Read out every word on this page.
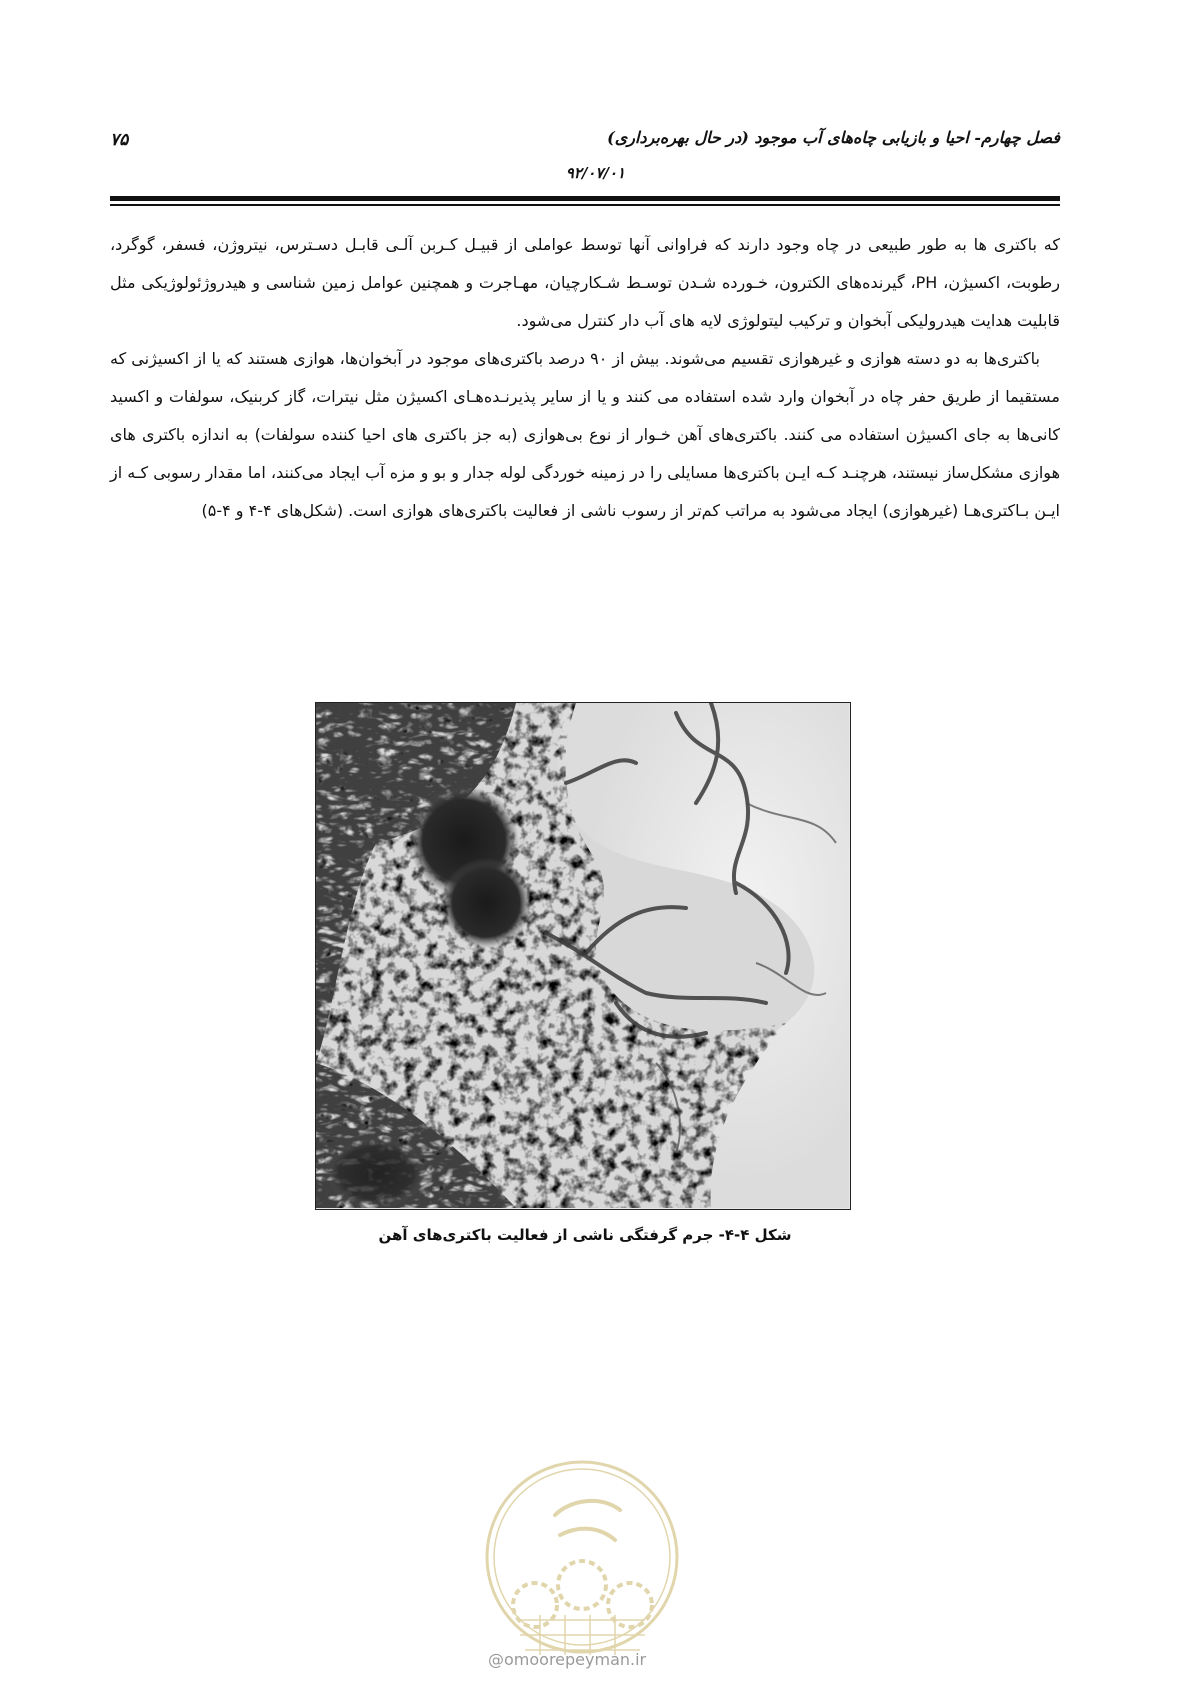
فصل چهارم- احیا و بازیابی چاه‌های آب موجود (در حال بهره‌برداری)
۹۲/۰۷/۰۱
۷۵

که باکتری ها به طور طبیعی در چاه وجود دارند که فراوانی آنها توسط عواملی از قبیـل کـربن آلـی قابـل دسـترس، نیتروژن، فسفر، گوگرد، رطوبت، اکسیژن، PH، گیرنده‌های الکترون، خـورده شـدن توسـط شـکارچیان، مهـاجرت و همچنین عوامل زمین شناسی و هیدروژئولوژیکی مثل قابلیت هدایت هیدرولیکی آبخوان و ترکیب لیتولوژی لایه های آب دار کنترل می‌شود.

باکتری‌ها به دو دسته هوازی و غیرهوازی تقسیم می‌شوند. بیش از ۹۰ درصد باکتری‌های موجود در آبخوان‌ها، هوازی هستند که یا از اکسیژنی که مستقیما از طریق حفر چاه در آبخوان وارد شده استفاده می کنند و یا از سایر پذیرنـده‌هـای اکسیژن مثل نیترات، گاز کربنیک، سولفات و اکسید کانی‌ها به جای اکسیژن استفاده می کنند. باکتری‌های آهن خـوار از نوع بی‌هوازی (به جز باکتری های احیا کننده سولفات) به اندازه باکتری های هوازی مشکل‌ساز نیستند، هرچنـد کـه ایـن باکتری‌ها مسایلی را در زمینه خوردگی لوله جدار و بو و مزه آب ایجاد می‌کنند، اما مقدار رسوبی کـه از ایـن بـاکتری‌هـا (غیرهوازی) ایجاد می‌شود به مراتب کم‌تر از رسوب ناشی از فعالیت باکتری‌های هوازی است. (شکل‌های ۴-۴ و ۴-۵)

شکل ۴-۴- جرم گرفتگی ناشی از فعالیت باکتری‌های آهن
@omoorepeyman.ir
